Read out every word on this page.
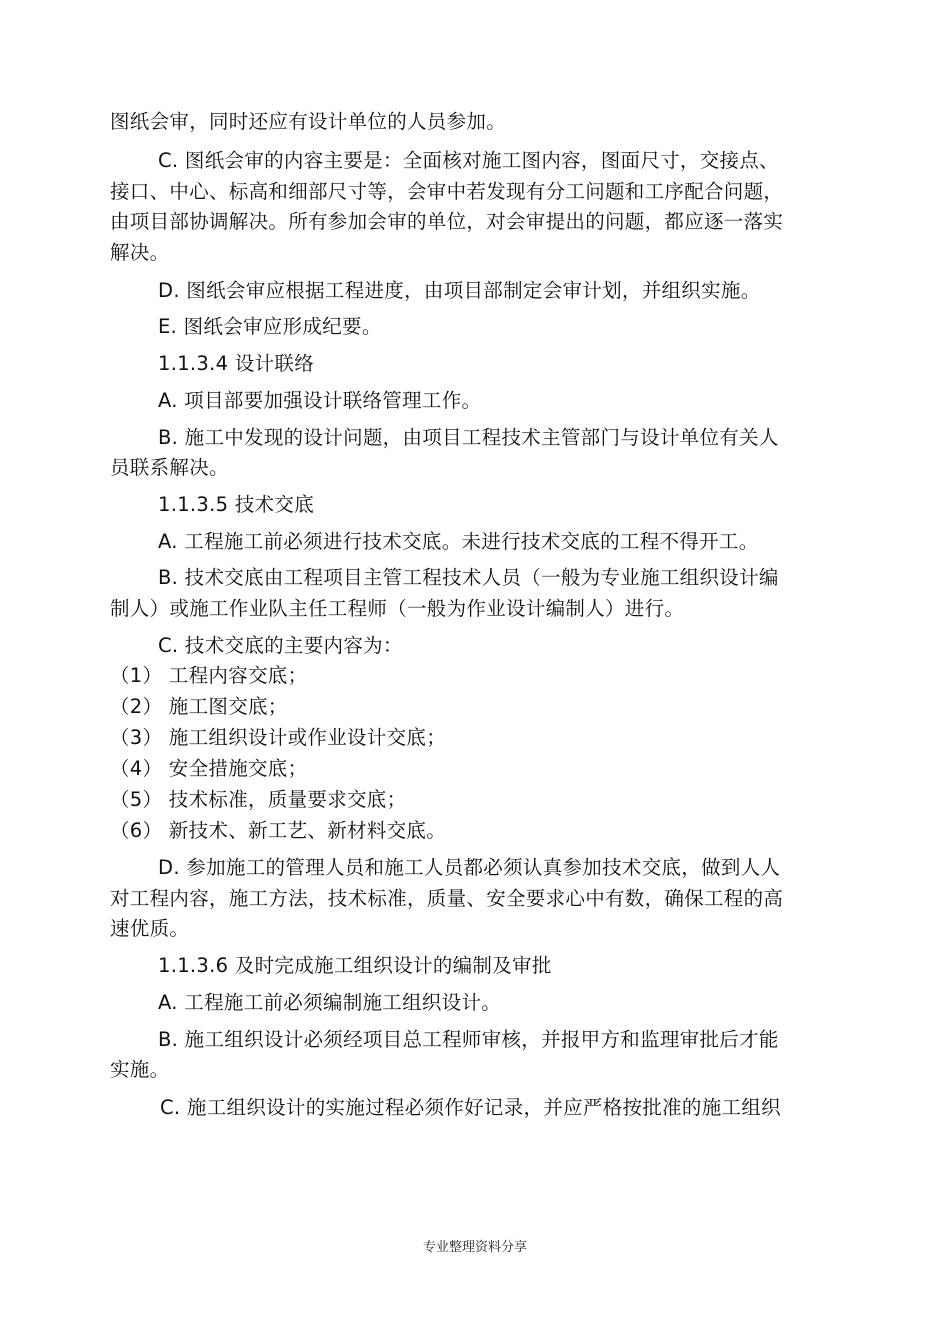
图纸会审，同时还应有设计单位的人员参加。
C. 图纸会审的内容主要是：全面核对施工图内容，图面尺寸，交接点、
接口、中心、标高和细部尺寸等，会审中若发现有分工问题和工序配合问题，
由项目部协调解决。所有参加会审的单位，对会审提出的问题，都应逐一落实
解决。
D. 图纸会审应根据工程进度，由项目部制定会审计划，并组织实施。
E. 图纸会审应形成纪要。
1.1.3.4 设计联络
A. 项目部要加强设计联络管理工作。
B. 施工中发现的设计问题，由项目工程技术主管部门与设计单位有关人
员联系解决。
1.1.3.5 技术交底
A. 工程施工前必须进行技术交底。未进行技术交底的工程不得开工。
B. 技术交底由工程项目主管工程技术人员（一般为专业施工组织设计编
制人）或施工作业队主任工程师（一般为作业设计编制人）进行。
C. 技术交底的主要内容为：
（1） 工程内容交底；
（2） 施工图交底；
（3） 施工组织设计或作业设计交底；
（4） 安全措施交底；
（5） 技术标准，质量要求交底；
（6） 新技术、新工艺、新材料交底。
D. 参加施工的管理人员和施工人员都必须认真参加技术交底，做到人人
对工程内容，施工方法，技术标准，质量、安全要求心中有数，确保工程的高
速优质。
1.1.3.6 及时完成施工组织设计的编制及审批
A. 工程施工前必须编制施工组织设计。
B. 施工组织设计必须经项目总工程师审核，并报甲方和监理审批后才能
实施。
C. 施工组织设计的实施过程必须作好记录，并应严格按批准的施工组织
专业整理资料分享
